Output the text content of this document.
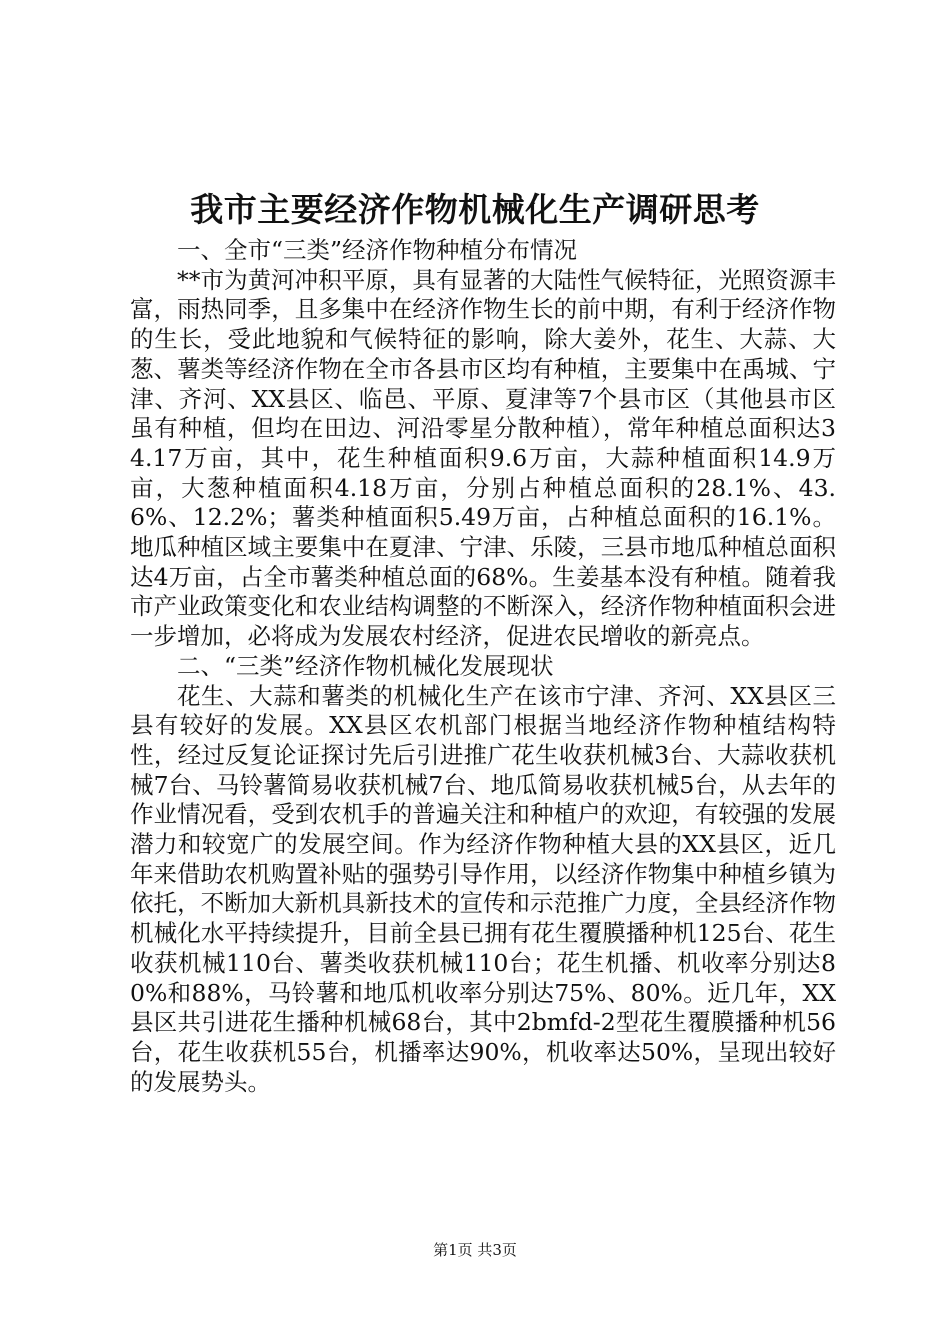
我市主要经济作物机械化生产调研思考

一、全市“三类”经济作物种植分布情况

**市为黄河冲积平原，具有显著的大陆性气候特征，光照资源丰富，雨热同季，且多集中在经济作物生长的前中期，有利于经济作物的生长，受此地貌和气候特征的影响，除大姜外，花生、大蒜、大葱、薯类等经济作物在全市各县市区均有种植，主要集中在禹城、宁津、齐河、XX县区、临邑、平原、夏津等7个县市区（其他县市区虽有种植，但均在田边、河沿零星分散种植），常年种植总面积达34.17万亩，其中，花生种植面积9.6万亩，大蒜种植面积14.9万亩，大葱种植面积4.18万亩，分别占种植总面积的28.1%、43.6%、12.2%；薯类种植面积5.49万亩，占种植总面积的16.1%。地瓜种植区域主要集中在夏津、宁津、乐陵，三县市地瓜种植总面积达4万亩，占全市薯类种植总面的68%。生姜基本没有种植。随着我市产业政策变化和农业结构调整的不断深入，经济作物种植面积会进一步增加，必将成为发展农村经济，促进农民增收的新亮点。

二、“三类”经济作物机械化发展现状

花生、大蒜和薯类的机械化生产在该市宁津、齐河、XX县区三县有较好的发展。XX县区农机部门根据当地经济作物种植结构特性，经过反复论证探讨先后引进推广花生收获机械3台、大蒜收获机械7台、马铃薯简易收获机械7台、地瓜简易收获机械5台，从去年的作业情况看，受到农机手的普遍关注和种植户的欢迎，有较强的发展潜力和较宽广的发展空间。作为经济作物种植大县的XX县区，近几年来借助农机购置补贴的强势引导作用，以经济作物集中种植乡镇为依托，不断加大新机具新技术的宣传和示范推广力度，全县经济作物机械化水平持续提升，目前全县已拥有花生覆膜播种机125台、花生收获机械110台、薯类收获机械110台；花生机播、机收率分别达80%和88%，马铃薯和地瓜机收率分别达75%、80%。近几年，XX县区共引进花生播种机械68台，其中2bmfd-2型花生覆膜播种机56台，花生收获机55台，机播率达90%，机收率达50%，呈现出较好的发展势头。

第1页 共3页
